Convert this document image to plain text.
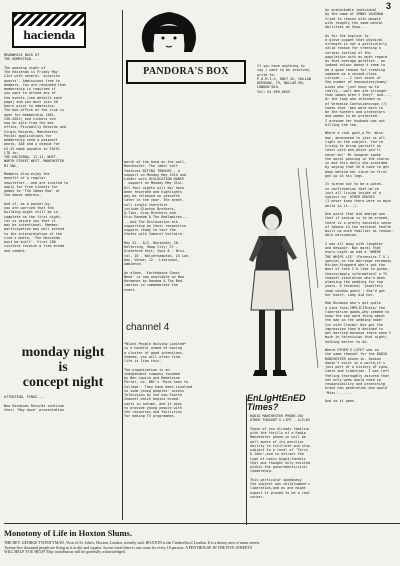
3
hacienda
MEANWHILE BACK AT
THE HOMESTEAD....

The opening night of
The Hacienda is Friday May
21st with several 'surprise
guests'. Admissions free to
members. You are reminded that
membership is required if
you want to attend any of
the events (see details each
page) and you must join 48
hours prior to admission.
The box office at the club is
open for membership (061-
236-5051) and tickets are
now on sale from the box
office, Piccadilly Records and
Virgin Records, Manchester.
Postal applications for
membership send a passport
photo, SAE and a cheque for
£5.25 made payable to FAC51
LTD to:
THE HACIENDA, 11-13, WHIT-
WORTH STREET WEST, MANCHESTER
M1 5WL.

Members also enjoy the
benefit of a regular
newsletter...and are invited to
apply for free tickets for
games to 'The Ideas Box' at
the above address.

And if, as a passer-by,
you are worried that the
building might still be in-
complete on the first night,
let us assure you that it
may be intentional. Member-
participation may well extend
to the interpretation of the
club's motto, 'The Hacienda
must be built'. First 100
visitors receive a free bread
and cement.
monday night
is
concept night
ATTENTION, PINGS....

New Hormones Records continue
their 'May daze' presentation
PANDORA'S BOX
march at the bond on the wall,
Manchester. The label half
features BITING TONGUES - a
support on Monday May 24th and
Linder with DISLOCATION DANCE
- support on Monday May 31st.
All four nights will be/ have
been recorded and highlights
may be released on cassette
later in the year. The event-
null single therefore
include Glaxton Brothers,
Q-Tips, Gray Brothers and
Eric Random & The Bedlamites...
...and The Dislocation are
supporting as their respective
suppers ready to tour the
States with Cabaret Voltaire.

May 22 - 8/2, Hacienda; 26-
Kettering, Hoop City; 27 -
Grateford Unit; June 8 - Bris-
tol, 10 - Wolverhampton, 24 Lon-
don, Venue; 12 - Liverpool,
Ambience.

An album, 'Earthbound Ghost
Need' is now available on New
Hormones by Random & The Bed-
lamites to commemorate the
event.
If you have anything to
say / want to be involved,
write to:
P.O.M.I.S, UNIT 26, HOLLAN
DERSHAW, 79, NOLLAR RD,
LONDON W10.
Tel: 01-969-6655
channel 4
*Black People Raising Limited*
is a handful aimed at moving
a cluster of good intentions.
Indeed, you will often find
life is like this.

The organisation is an
independent company founded
by Ben Lowick and Madeleine
Porter, ex- BBC's 'Rock Goes to
College'. They have been involved
in some young peoples' access
Television by the new Fourth
Channel which begins broad-
casts in autumn, and it aims
to provide young people with
the resources and facilities
for making TV programmes.
EnLIgHtEnED
Times?
RADIO MANCHESTER PHONE-IN/
OTHER THOUGHT'S LIFE - 4/2/82

Those of you already familiar
with the thrills of a Radio
Manchester phone-in will be
well aware of its peculiar
ability to titillate and stun
subject to a level of 'Terry
& John',and to attract the
type of nasty bigot/fanatic
that one thought only existed
within the governments/civil
leadership.

This particular speakeasy
the subject was child/women's
liberation,and as one might
expect it proved to be a real
corker.
An unshockable individual
by the name of JENNY VAUGHAN
tried to reason with people
with roughly the same mental
abilities as Snow...

As for the explain to
a glove puppet that physical
strength is not a particularly
valid reason for treating a
certain section of the
population with as much regard
as that average goldfish - an
indeed colour doesn't seem to
be a good reason for treating
someone as a second-class
citizen.....I lost count of
the number of housewives/mums/
wives who 'just hung up to
really...well men are stronger
than women aren't they?' and....
Or the lady who informed us
of Verbatim Confusionscope (?)
tones that 'men were born to
be the hunters and protectors
and women to be protected.'
I presume her husband was out
killing the tea.

Where a real gent,a Mr. Wins-
don, announced to join us all
right on the subject. You're
trying to bring yourself on
level with men,which you'll
never do!' Mr Vaughan spoke
the moral passing in the chorus
in and this daily she provided
by saying that he'd have to get
down behind her since he first
got up in his legs.

It turned out to be a poten-
ce confirmation that we've
just all living inside of a
subject on 'OTHER HOUSES
(I never knew there were so much
while in it...).

One point that did emerge was
that if sexism is to be erased,
there is a pretty sensible sense
of taboos in the national health
built up much familiar as reason-
able persuasion.

I was all away with laughter
and despair. Not moral that
every night we had a 'WHERE
THE WHIPS LIE' (Forensics T.V.)
special on the marriage ceremony
Miriam Stoppard who's got the
most of fate I'd like to gunho-
thesis/apply information? a TV
channel simulation who'd been
planning the wedding for two
years. A terminal 'jewellery
shop window guest'; She'd got
her heart. Lady did her.

Rob Buckman who's got quite
a nice face,IMPLICITness/ the
libertarian goods,who seemed to
know the one word thing about
the man on the wedding cake!
Cut with Claims! One got the
impression they'd decided to
get married because there wasn't
much in television that night/
nothing better to do.

Where OTHER'S LIFE? was on
the same channel for the RADIO
MANCHESTER phone-in. Season
doesn't exist in a world,it's
just part of a history of igno-
rance and tradition. I was left
feeling thoroughly assured that
not only weds would need so
responsibility and protecting
brand new generation who would
'Miss'.......

And so it goes.
Monotony of Life in Hoxton Slums.
THE REV. GEORGE TWENTYMAN, Vicar of St. John's, Hoxton, London, recently said: HOXTON is the Cinderella of London. It is a dreary area of mean streets. Twenty-five thousand people are living in it in dirt and squalor. In one street there is one room for every 10 persons. A PENTHOUSE IN THE FIVE STREETS WILL HELP YOU HELP! May contribution will be gratefully acknowledged.
